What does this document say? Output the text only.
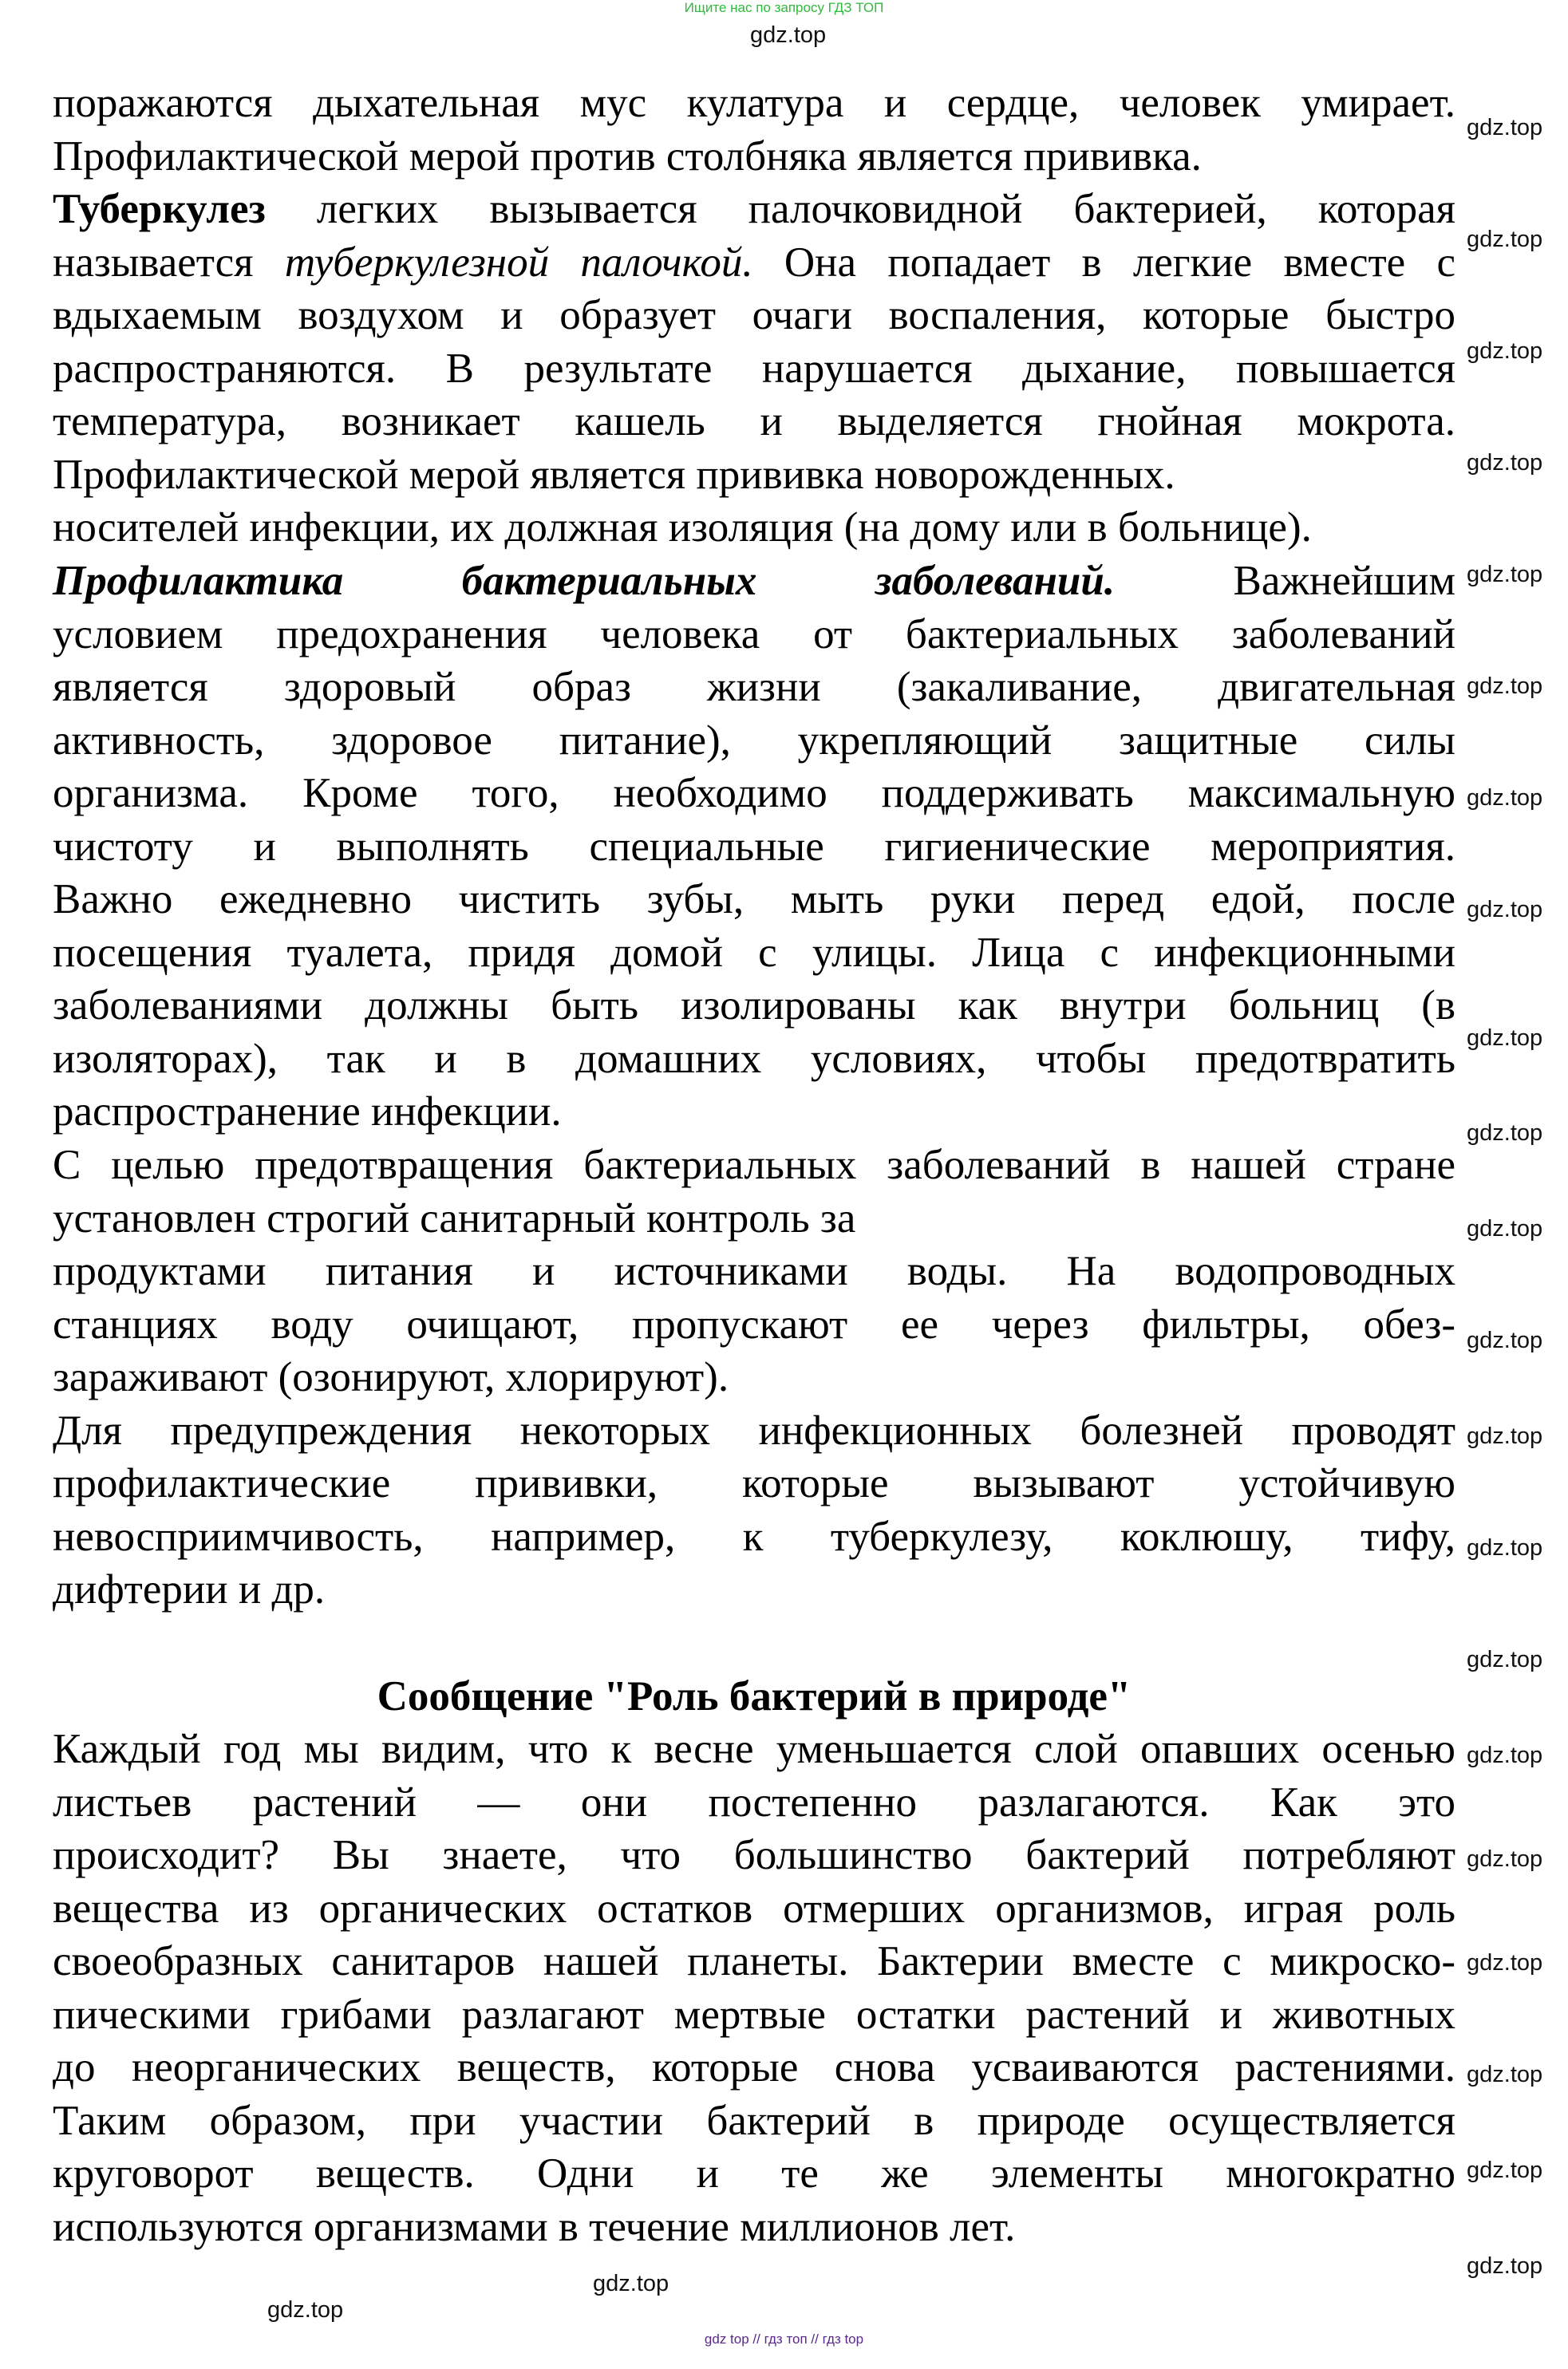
Ищите нас по запросу ГДЗ ТОП
поражаются дыхательная мус кулатура и сердце, человек умирает.
Профилактической мерой против столбняка является прививка.
Туберкулез легких вызывается палочковидной бактерией, которая
называется туберкулезной палочкой. Она попадает в легкие вместе с
вдыхаемым воздухом и образует очаги воспаления, которые быстро
распространяются. В результате нарушается дыхание, повышается
температура, возникает кашель и выделяется гнойная мокрота.
Профилактической мерой является прививка новорожденных.
носителей инфекции, их должная изоляция (на дому или в больнице).
Профилактика бактериальных заболеваний. Важнейшим
условием предохранения человека от бактериальных заболеваний
является здоровый образ жизни (закаливание, двигательная
активность, здоровое питание), укрепляющий защитные силы
организма. Кроме того, необходимо поддерживать максимальную
чистоту и выполнять специальные гигиенические мероприятия.
Важно ежедневно чистить зубы, мыть руки перед едой, после
посещения туалета, придя домой с улицы. Лица с инфекционными
заболеваниями должны быть изолированы как внутри больниц (в
изоляторах), так и в домашних условиях, чтобы предотвратить
распространение инфекции.
С целью предотвращения бактериальных заболеваний в нашей стране
установлен строгий санитарный контроль за
продуктами питания и источниками воды. На водопроводных
станциях воду очищают, пропускают ее через фильтры, обез-
зараживают (озонируют, хлорируют).
Для предупреждения некоторых инфекционных болезней проводят
профилактические прививки, которые вызывают устойчивую
невосприимчивость, например, к туберкулезу, коклюшу, тифу,
дифтерии и др.
Сообщение "Роль бактерий в природе"
Каждый год мы видим, что к весне уменьшается слой опавших осенью
листьев растений — они постепенно разлагаются. Как это
происходит? Вы знаете, что большинство бактерий потребляют
вещества из органических остатков отмерших организмов, играя роль
своеобразных санитаров нашей планеты. Бактерии вместе с микроско-
пическими грибами разлагают мертвые остатки растений и животных
до неорганических веществ, которые снова усваиваются растениями.
Таким образом, при участии бактерий в природе осуществляется
круговорот веществ. Одни и те же элементы многократно
используются организмами в течение миллионов лет.
gdz.top
gdz.top
gdz.top
gdz.top
gdz.top
gdz.top
gdz.top
gdz.top
gdz.top
gdz.top
gdz.top
gdz.top
gdz.top
gdz.top
gdz.top
gdz.top
gdz.top
gdz.top
gdz.top
gdz.top
gdz.top
gdz.top
gdz.top
gdz.top
gdz top // гдз топ // гдз top
